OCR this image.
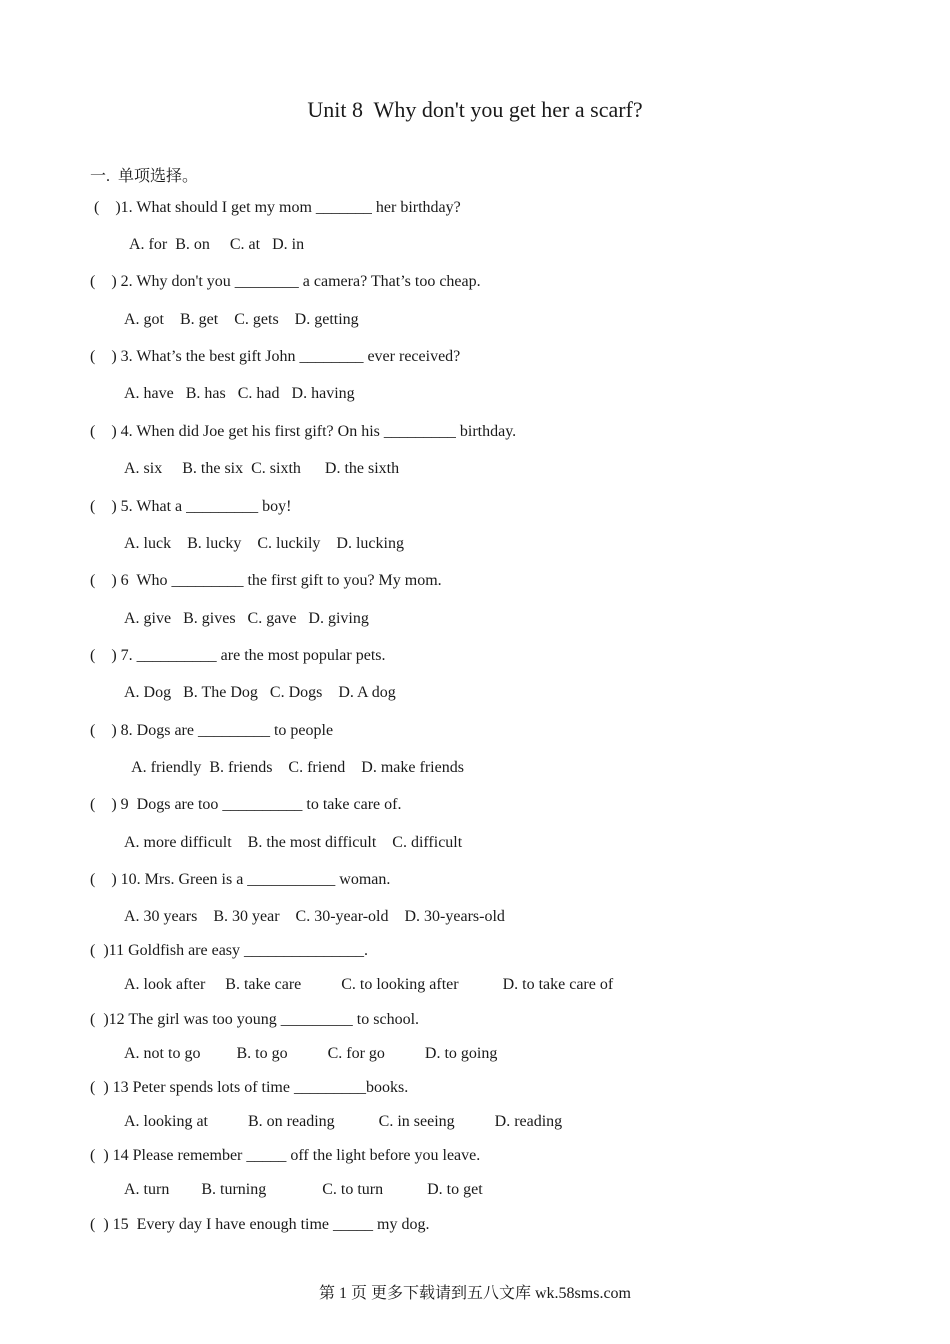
Unit 8  Why don't you get her a scarf?
一.  单项选择。
(    )1. What should I get my mom _______ her birthday?
A. for  B. on     C. at   D. in
(    ) 2. Why don't you ________ a camera? That’s too cheap.
A. got    B. get    C. gets    D. getting
(    ) 3. What’s the best gift John ________ ever received?
A. have   B. has   C. had   D. having
(    ) 4. When did Joe get his first gift? On his _________ birthday.
A. six     B. the six  C. sixth      D. the sixth
(    ) 5. What a _________ boy!
A. luck    B. lucky    C. luckily    D. lucking
(    ) 6  Who _________ the first gift to you? My mom.
A. give   B. gives   C. gave   D. giving
(    ) 7. __________ are the most popular pets.
A. Dog   B. The Dog   C. Dogs    D. A dog
(    ) 8. Dogs are _________ to people
A. friendly  B. friends    C. friend    D. make friends
(    ) 9  Dogs are too __________ to take care of.
A. more difficult    B. the most difficult    C. difficult
(    ) 10. Mrs. Green is a ___________ woman.
A. 30 years    B. 30 year    C. 30-year-old    D. 30-years-old
(  )11 Goldfish are easy _______________.
A. look after     B. take care          C. to looking after           D. to take care of
(  )12 The girl was too young _________ to school.
A. not to go         B. to go          C. for go          D. to going
(  ) 13 Peter spends lots of time _________books.
A. looking at          B. on reading           C. in seeing          D. reading
(  ) 14 Please remember _____ off the light before you leave.
A. turn        B. turning              C. to turn           D. to get
(  ) 15  Every day I have enough time _____ my dog.
第 1 页 更多下载请到五八文库 wk.58sms.com
